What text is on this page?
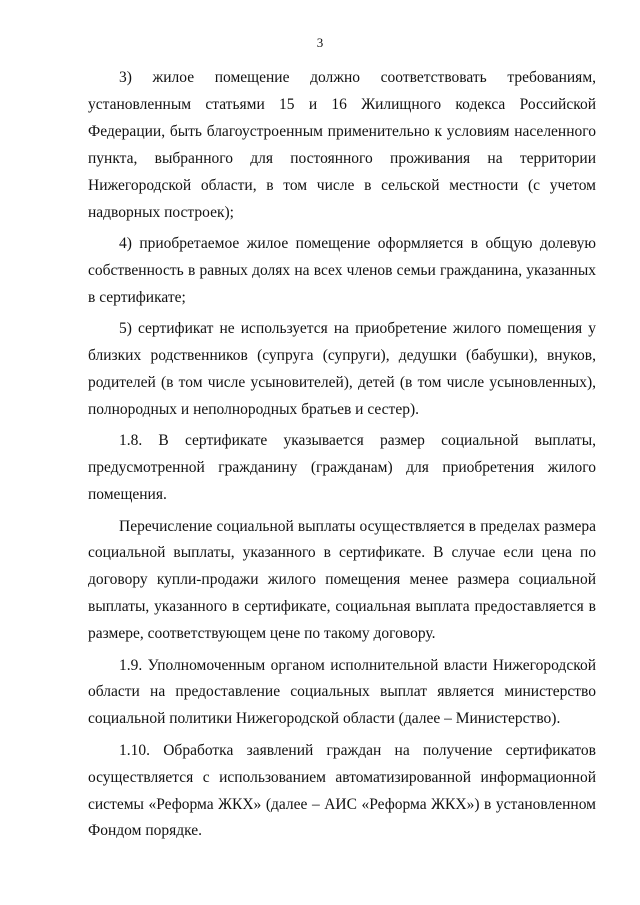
3

3) жилое помещение должно соответствовать требованиям, установленным статьями 15 и 16 Жилищного кодекса Российской Федерации, быть благоустроенным применительно к условиям населенного пункта, выбранного для постоянного проживания на территории Нижегородской области, в том числе в сельской местности (с учетом надворных построек);

4) приобретаемое жилое помещение оформляется в общую долевую собственность в равных долях на всех членов семьи гражданина, указанных в сертификате;

5) сертификат не используется на приобретение жилого помещения у близких родственников (супруга (супруги), дедушки (бабушки), внуков, родителей (в том числе усыновителей), детей (в том числе усыновленных), полнородных и неполнородных братьев и сестер).

1.8. В сертификате указывается размер социальной выплаты, предусмотренной гражданину (гражданам) для приобретения жилого помещения.

Перечисление социальной выплаты осуществляется в пределах размера социальной выплаты, указанного в сертификате. В случае если цена по договору купли-продажи жилого помещения менее размера социальной выплаты, указанного в сертификате, социальная выплата предоставляется в размере, соответствующем цене по такому договору.

1.9. Уполномоченным органом исполнительной власти Нижегородской области на предоставление социальных выплат является министерство социальной политики Нижегородской области (далее – Министерство).

1.10. Обработка заявлений граждан на получение сертификатов осуществляется с использованием автоматизированной информационной системы «Реформа ЖКХ» (далее – АИС «Реформа ЖКХ») в установленном Фондом порядке.
